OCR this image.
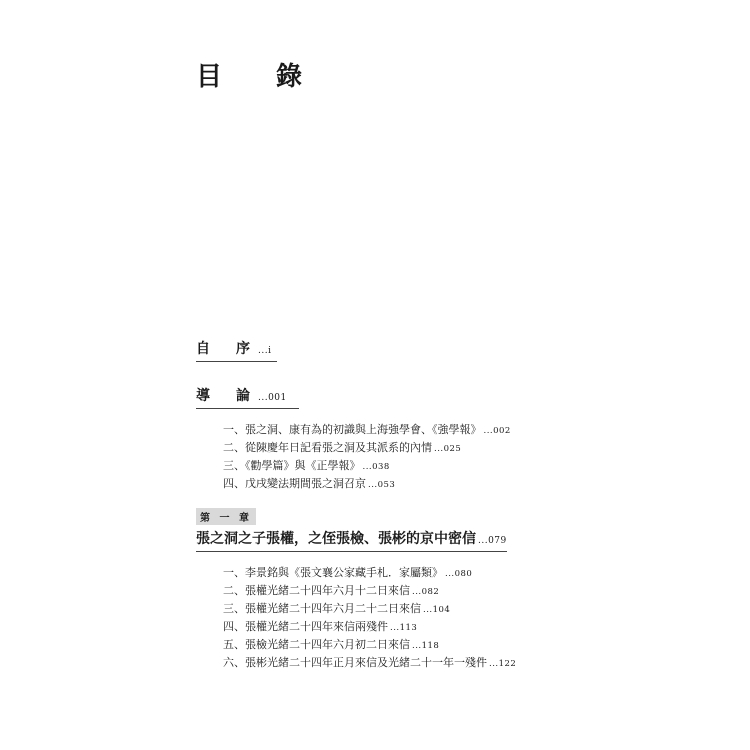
目　錄
自　序 ...i
導　論 ...001
一、張之洞、康有為的初識與上海強學會、《強學報》 ...002
二、從陳慶年日記看張之洞及其派系的內情 ...025
三、《勸學篇》與《正學報》 ...038
四、戊戌變法期間張之洞召京 ...053
第 一 章
張之洞之子張權，之侄張檢、張彬的京中密信 ...079
一、李景銘與《張文襄公家藏手札．家屬類》 ...080
二、張權光緒二十四年六月十二日來信 ...082
三、張權光緒二十四年六月二十二日來信 ...104
四、張權光緒二十四年來信兩殘件 ...113
五、張檢光緒二十四年六月初二日來信 ...118
六、張彬光緒二十四年正月來信及光緒二十一年一殘件 ...122
